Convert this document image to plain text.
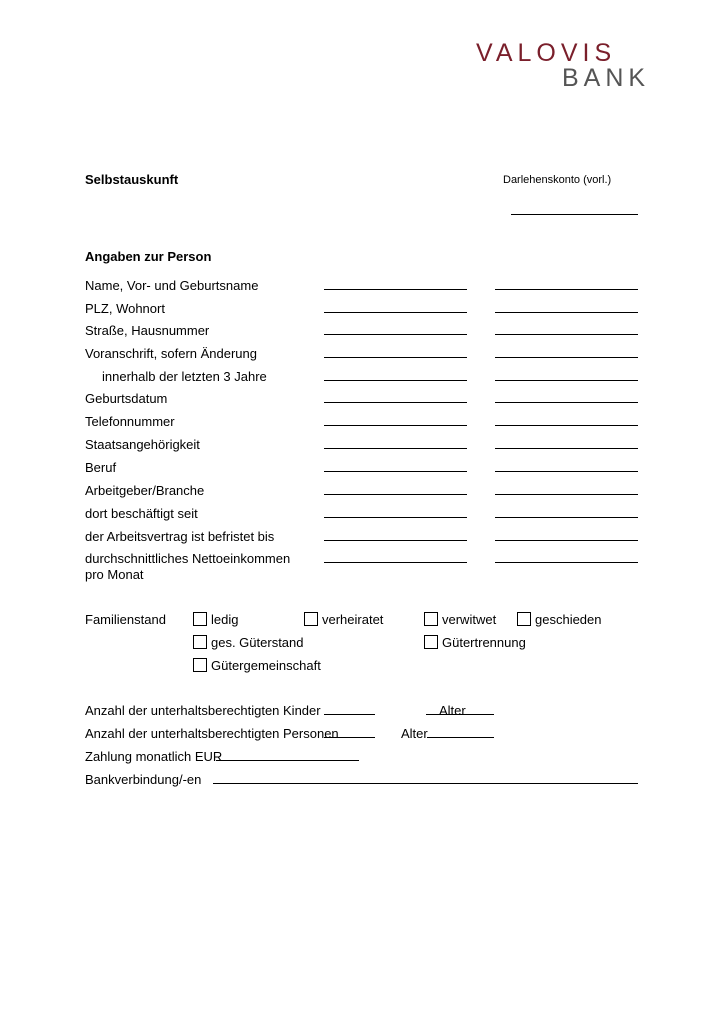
VALOVIS
BANK
Selbstauskunft	Darlehenskonto (vorl.)
Angaben zur Person
Name, Vor- und Geburtsname
PLZ, Wohnort
Straße, Hausnummer
Voranschrift, sofern Änderung
innerhalb der letzten 3 Jahre
Geburtsdatum
Telefonnummer
Staatsangehörigkeit
Beruf
Arbeitgeber/Branche
dort beschäftigt seit
der Arbeitsvertrag ist befristet bis
durchschnittliches Nettoeinkommen
pro Monat
Familienstand	ledig	verheiratet	verwitwet	geschieden
ges. Güterstand	Gütertrennung
Gütergemeinschaft
Anzahl der unterhaltsberechtigten Kinder	Alter
Anzahl der unterhaltsberechtigten Personen	Alter
Zahlung monatlich EUR
Bankverbindung/-en
